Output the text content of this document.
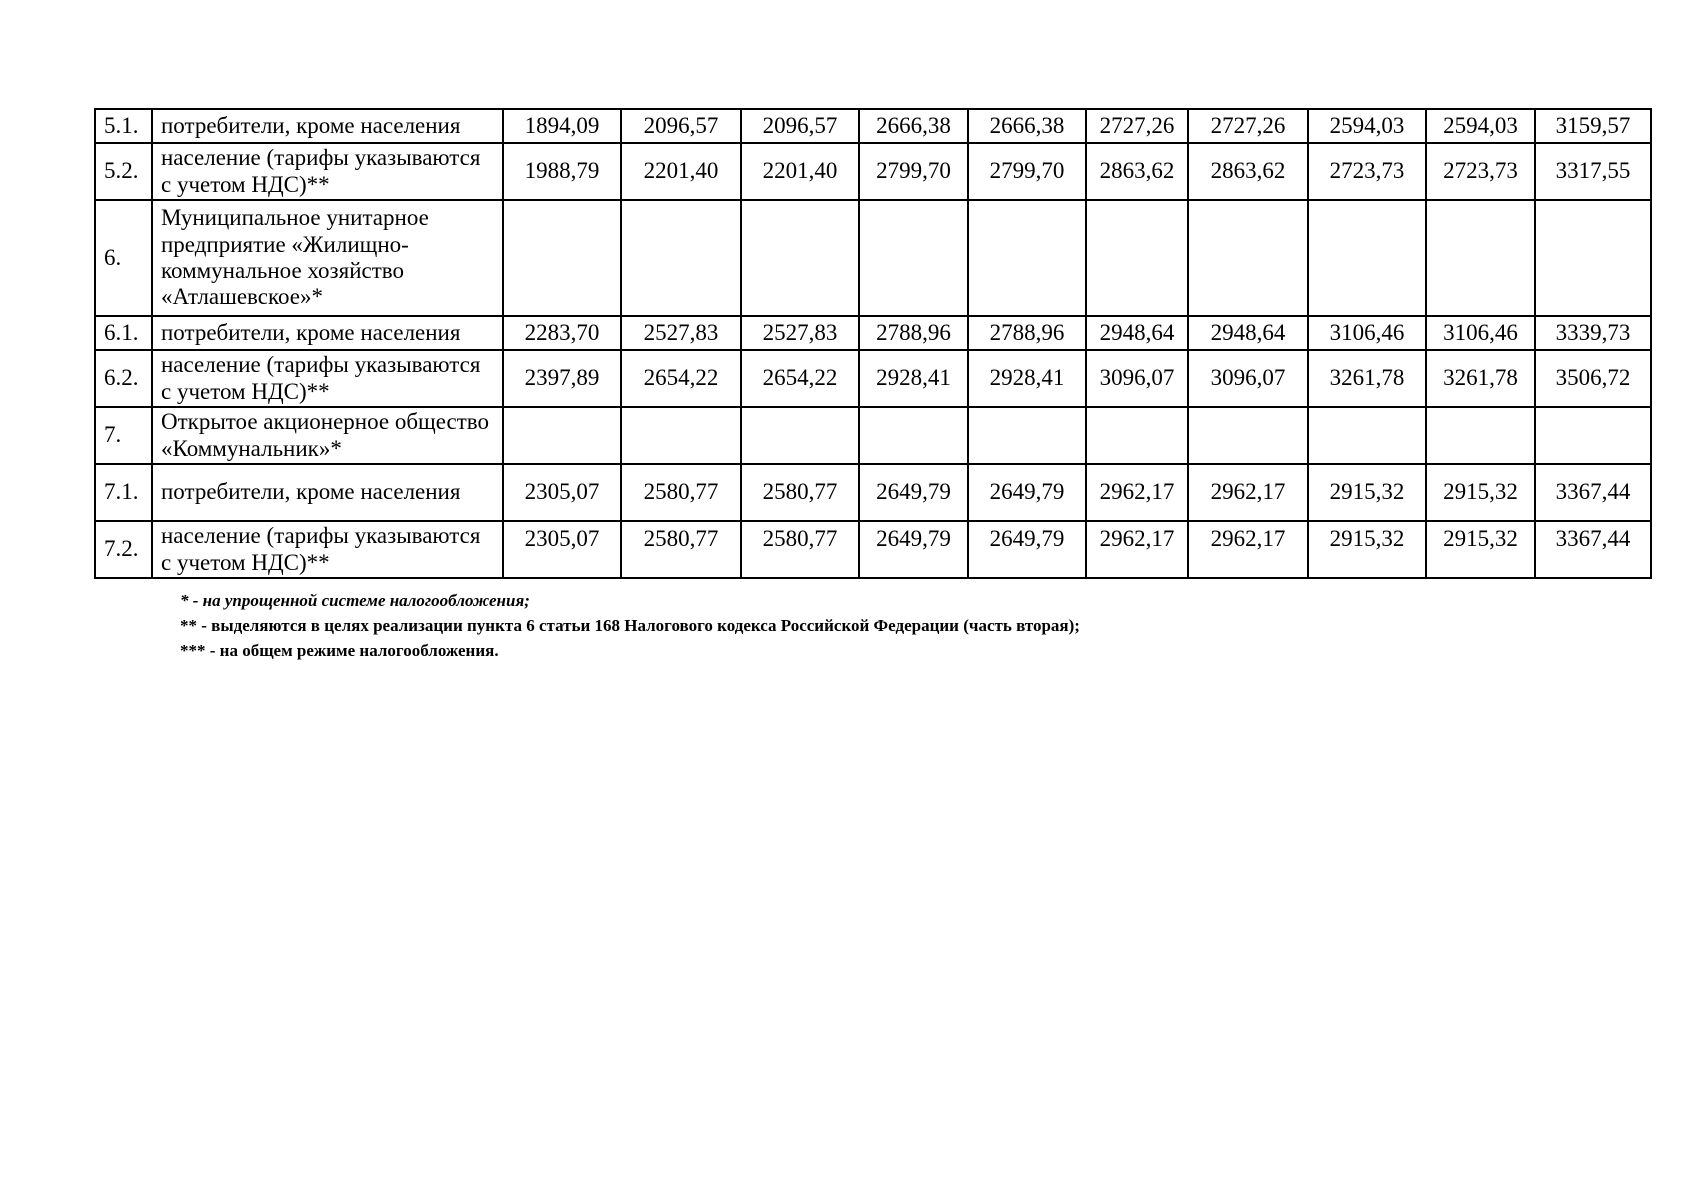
5.1.	потребители, кроме населения	1894,09	2096,57	2096,57	2666,38	2666,38	2727,26	2727,26	2594,03	2594,03	3159,57
5.2.	население (тарифы указываются с учетом НДС)**	1988,79	2201,40	2201,40	2799,70	2799,70	2863,62	2863,62	2723,73	2723,73	3317,55
6.	Муниципальное унитарное предприятие «Жилищно-коммунальное хозяйство «Атлашевское»*										
6.1.	потребители, кроме населения	2283,70	2527,83	2527,83	2788,96	2788,96	2948,64	2948,64	3106,46	3106,46	3339,73
6.2.	население (тарифы указываются с учетом НДС)**	2397,89	2654,22	2654,22	2928,41	2928,41	3096,07	3096,07	3261,78	3261,78	3506,72
7.	Открытое акционерное общество «Коммунальник»*										
7.1.	потребители, кроме населения	2305,07	2580,77	2580,77	2649,79	2649,79	2962,17	2962,17	2915,32	2915,32	3367,44
7.2.	население (тарифы указываются с учетом НДС)**	2305,07	2580,77	2580,77	2649,79	2649,79	2962,17	2962,17	2915,32	2915,32	3367,44
* - на упрощенной системе налогообложения;
** - выделяются в целях реализации пункта 6 статьи 168 Налогового кодекса Российской Федерации (часть вторая);
*** - на общем режиме налогообложения.
